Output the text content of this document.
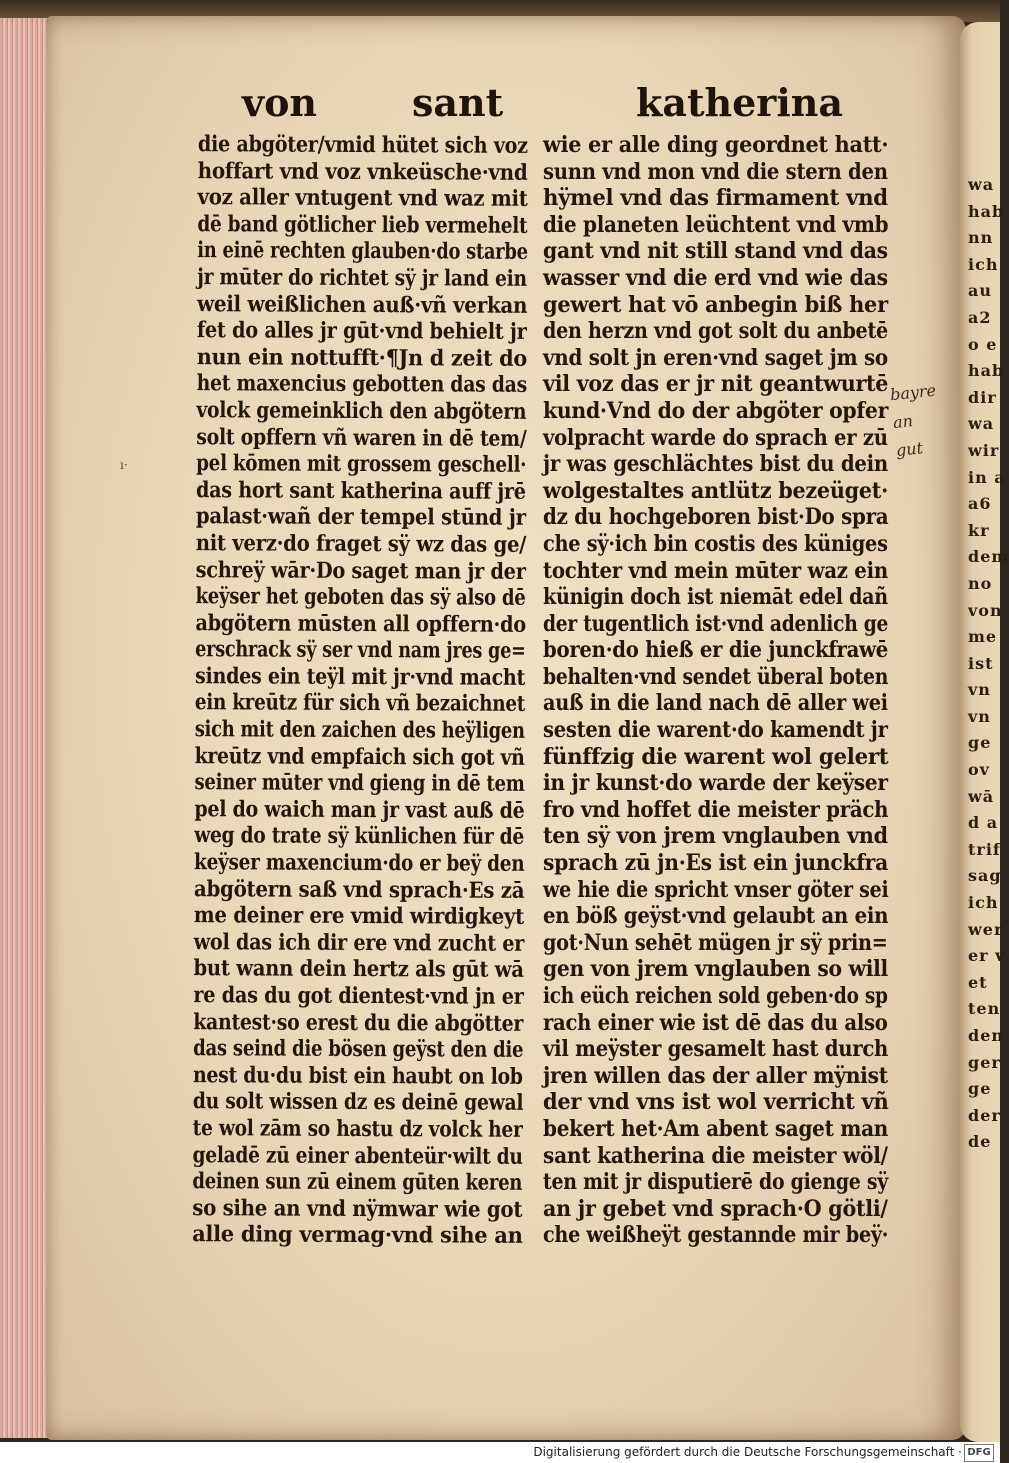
wa
hab
nn
ich
au
a2
o e
hab
dir
wa
wir
in a
a6
kr
dem
no
von
me
ist
vn
vn
ge
ov
wā
d a
trif
sag
ich
wer
er v
et
ten
den
ger
ge
der
de

von sant	katherina
die abgöter/vmid hütet sich voz
hoffart vnd voz vnkeüsche·vnd
voz aller vntugent vnd waz mit
dē band götlicher lieb vermehelt
in einē rechten glauben·do starbe
jr mūter do richtet sÿ jr land ein
weil weißlichen auß·vñ verkan
fet do alles jr gūt·vnd behielt jr
nun ein nottufft·¶Jn d zeit do
het maxencius gebotten das das
volck gemeinklich den abgötern
solt opffern vñ waren in dē tem/
pel kōmen mit grossem geschell·
das hort sant katherina auff jrē
palast·wañ der tempel stūnd jr
nit verz·do fraget sÿ wz das ge/
schreÿ wār·Do saget man jr der
keÿser het geboten das sÿ also dē
abgötern mūsten all opffern·do
erschrack sÿ ser vnd nam jres ge=
sindes ein teÿl mit jr·vnd macht
ein kreūtz für sich vñ bezaichnet
sich mit den zaichen des heÿligen
kreūtz vnd empfaich sich got vñ
seiner mūter vnd gieng in dē tem
pel do waich man jr vast auß dē
weg do trate sÿ künlichen für dē
keÿser maxencium·do er beÿ den
abgötern saß vnd sprach·Es zā
me deiner ere vmid wirdigkeyt
wol das ich dir ere vnd zucht er
but wann dein hertz als gūt wā
re das du got dientest·vnd jn er
kantest·so erest du die abgötter
das seind die bösen geÿst den die
nest du·du bist ein haubt on lob
du solt wissen dz es deinē gewal
te wol zām so hastu dz volck her
geladē zū einer abenteür·wilt du
deinen sun zū einem gūten keren
so sihe an vnd nÿmwar wie got
alle ding vermag·vnd sihe an
wie er alle ding geordnet hatt·
sunn vnd mon vnd die stern den
hÿmel vnd das firmament vnd
die planeten leüchtent vnd vmb
gant vnd nit still stand vnd das
wasser vnd die erd vnd wie das
gewert hat vō anbegin biß her
den herzn vnd got solt du anbetē
vnd solt jn eren·vnd saget jm so
vil voz das er jr nit geantwurtē
kund·Vnd do der abgöter opfer
volpracht warde do sprach er zū
jr was geschlächtes bist du dein
wolgestaltes antlütz bezeüget·
dz du hochgeboren bist·Do spra
che sÿ·ich bin costis des küniges
tochter vnd mein mūter waz ein
künigin doch ist niemāt edel dañ
der tugentlich ist·vnd adenlich ge
boren·do hieß er die junckfrawē
behalten·vnd sendet überal boten
auß in die land nach dē aller wei
sesten die warent·do kamendt jr
fünffzig die warent wol gelert
in jr kunst·do warde der keÿser
fro vnd hoffet die meister präch
ten sÿ von jrem vnglauben vnd
sprach zū jn·Es ist ein junckfra
we hie die spricht vnser göter sei
en böß geÿst·vnd gelaubt an ein
got·Nun sehēt mügen jr sÿ prin=
gen von jrem vnglauben so will
ich eüch reichen sold geben·do sp
rach einer wie ist dē das du also
vil meÿster gesamelt hast durch
jren willen das der aller mÿnist
der vnd vns ist wol verricht vñ
bekert het·Am abent saget man
sant katherina die meister wöl/
ten mit jr disputierē do gienge sÿ
an jr gebet vnd sprach·O götli/
che weißheÿt gestannde mir beÿ·
ı·
bayre
an
gut
Digitalisierung gefördert durch die Deutsche Forschungsgemeinschaft · DFG
